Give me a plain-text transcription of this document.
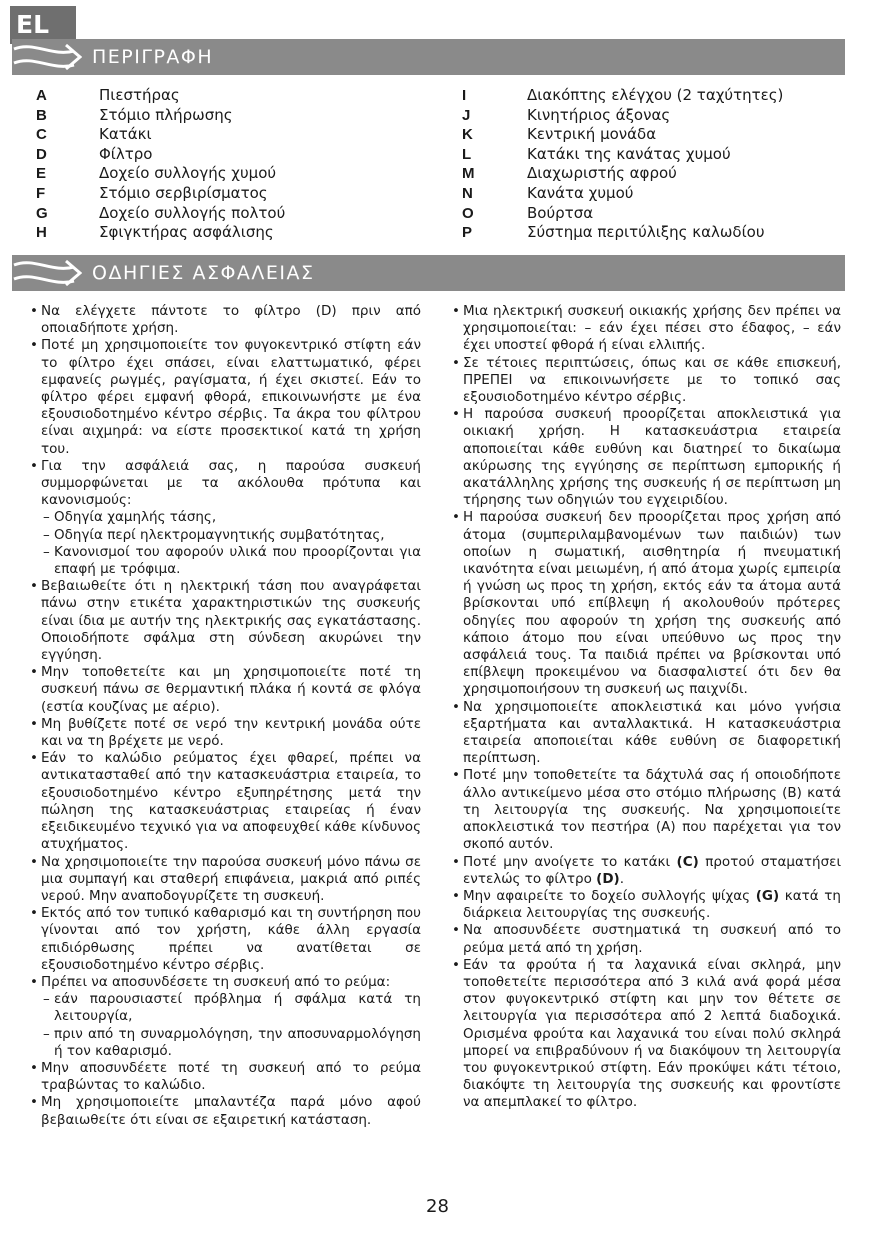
EL
ΠΕΡΙΓΡΑΦΗ
A	Πιεστήρας
B	Στόμιο πλήρωσης
C	Κατάκι
D	Φίλτρο
E	Δοχείο συλλογής χυμού
F	Στόμιο σερβιρίσματος
G	Δοχείο συλλογής πολτού
H	Σφιγκτήρας ασφάλισης
I	Διακόπτης ελέγχου (2 ταχύτητες)
J	Κινητήριος άξονας
K	Κεντρική μονάδα
L	Κατάκι της κανάτας χυμού
M	Διαχωριστής αφρού
N	Κανάτα χυμού
O	Βούρτσα
P	Σύστημα περιτύλιξης καλωδίου
ΟΔΗΓΙΕΣ ΑΣΦΑΛΕΙΑΣ
• Να ελέγχετε πάντοτε το φίλτρο (D) πριν από οποιαδήποτε χρήση.
• Ποτέ μη χρησιμοποιείτε τον φυγοκεντρικό στίφτη εάν το φίλτρο έχει σπάσει, είναι ελαττωματικό, φέρει εμφανείς ρωγμές, ραγίσματα, ή έχει σκιστεί. Εάν το φίλτρο φέρει εμφανή φθορά, επικοινωνήστε με ένα εξουσιοδοτημένο κέντρο σέρβις. Τα άκρα του φίλτρου είναι αιχμηρά: να είστε προσεκτικοί κατά τη χρήση του.
• Για την ασφάλειά σας, η παρούσα συσκευή συμμορφώνεται με τα ακόλουθα πρότυπα και κανονισμούς:
– Οδηγία χαμηλής τάσης,
– Οδηγία περί ηλεκτρομαγνητικής συμβατότητας,
– Κανονισμοί του αφορούν υλικά που προορίζονται για επαφή με τρόφιμα.
• Βεβαιωθείτε ότι η ηλεκτρική τάση που αναγράφεται πάνω στην ετικέτα χαρακτηριστικών της συσκευής είναι ίδια με αυτήν της ηλεκτρικής σας εγκατάστασης. Οποιοδήποτε σφάλμα στη σύνδεση ακυρώνει την εγγύηση.
• Μην τοποθετείτε και μη χρησιμοποιείτε ποτέ τη συσκευή πάνω σε θερμαντική πλάκα ή κοντά σε φλόγα (εστία κουζίνας με αέριο).
• Μη βυθίζετε ποτέ σε νερό την κεντρική μονάδα ούτε και να τη βρέχετε με νερό.
• Εάν το καλώδιο ρεύματος έχει φθαρεί, πρέπει να αντικατασταθεί από την κατασκευάστρια εταιρεία, το εξουσιοδοτημένο κέντρο εξυπηρέτησης μετά την πώληση της κατασκευάστριας εταιρείας ή έναν εξειδικευμένο τεχνικό για να αποφευχθεί κάθε κίνδυνος ατυχήματος.
• Να χρησιμοποιείτε την παρούσα συσκευή μόνο πάνω σε μια συμπαγή και σταθερή επιφάνεια, μακριά από ριπές νερού. Μην αναποδογυρίζετε τη συσκευή.
• Εκτός από τον τυπικό καθαρισμό και τη συντήρηση που γίνονται από τον χρήστη, κάθε άλλη εργασία επιδιόρθωσης πρέπει να ανατίθεται σε εξουσιοδοτημένο κέντρο σέρβις.
• Πρέπει να αποσυνδέσετε τη συσκευή από το ρεύμα:
– εάν παρουσιαστεί πρόβλημα ή σφάλμα κατά τη λειτουργία,
– πριν από τη συναρμολόγηση, την αποσυναρμολόγηση ή τον καθαρισμό.
• Μην αποσυνδέετε ποτέ τη συσκευή από το ρεύμα τραβώντας το καλώδιο.
• Μη χρησιμοποιείτε μπαλαντέζα παρά μόνο αφού βεβαιωθείτε ότι είναι σε εξαιρετική κατάσταση.
• Μια ηλεκτρική συσκευή οικιακής χρήσης δεν πρέπει να χρησιμοποιείται: – εάν έχει πέσει στο έδαφος, – εάν έχει υποστεί φθορά ή είναι ελλιπής.
• Σε τέτοιες περιπτώσεις, όπως και σε κάθε επισκευή, ΠΡΕΠΕΙ να επικοινωνήσετε με το τοπικό σας εξουσιοδοτημένο κέντρο σέρβις.
• Η παρούσα συσκευή προορίζεται αποκλειστικά για οικιακή χρήση. Η κατασκευάστρια εταιρεία αποποιείται κάθε ευθύνη και διατηρεί το δικαίωμα ακύρωσης της εγγύησης σε περίπτωση εμπορικής ή ακατάλληλης χρήσης της συσκευής ή σε περίπτωση μη τήρησης των οδηγιών του εγχειριδίου.
• Η παρούσα συσκευή δεν προορίζεται προς χρήση από άτομα (συμπεριλαμβανομένων των παιδιών) των οποίων η σωματική, αισθητηρία ή πνευματική ικανότητα είναι μειωμένη, ή από άτομα χωρίς εμπειρία ή γνώση ως προς τη χρήση, εκτός εάν τα άτομα αυτά βρίσκονται υπό επίβλεψη ή ακολουθούν πρότερες οδηγίες που αφορούν τη χρήση της συσκευής από κάποιο άτομο που είναι υπεύθυνο ως προς την ασφάλειά τους. Τα παιδιά πρέπει να βρίσκονται υπό επίβλεψη προκειμένου να διασφαλιστεί ότι δεν θα χρησιμοποιήσουν τη συσκευή ως παιχνίδι.
• Να χρησιμοποιείτε αποκλειστικά και μόνο γνήσια εξαρτήματα και ανταλλακτικά. Η κατασκευάστρια εταιρεία αποποιείται κάθε ευθύνη σε διαφορετική περίπτωση.
• Ποτέ μην τοποθετείτε τα δάχτυλά σας ή οποιοδήποτε άλλο αντικείμενο μέσα στο στόμιο πλήρωσης (B) κατά τη λειτουργία της συσκευής. Να χρησιμοποιείτε αποκλειστικά τον πεστήρα (A) που παρέχεται για τον σκοπό αυτόν.
• Ποτέ μην ανοίγετε το κατάκι (C) προτού σταματήσει εντελώς το φίλτρο (D).
• Μην αφαιρείτε το δοχείο συλλογής ψίχας (G) κατά τη διάρκεια λειτουργίας της συσκευής.
• Να αποσυνδέετε συστηματικά τη συσκευή από το ρεύμα μετά από τη χρήση.
• Εάν τα φρούτα ή τα λαχανικά είναι σκληρά, μην τοποθετείτε περισσότερα από 3 κιλά ανά φορά μέσα στον φυγοκεντρικό στίφτη και μην τον θέτετε σε λειτουργία για περισσότερα από 2 λεπτά διαδοχικά. Ορισμένα φρούτα και λαχανικά του είναι πολύ σκληρά μπορεί να επιβραδύνουν ή να διακόψουν τη λειτουργία του φυγοκεντρικού στίφτη. Εάν προκύψει κάτι τέτοιο, διακόψτε τη λειτουργία της συσκευής και φροντίστε να απεμπλακεί το φίλτρο.
28
